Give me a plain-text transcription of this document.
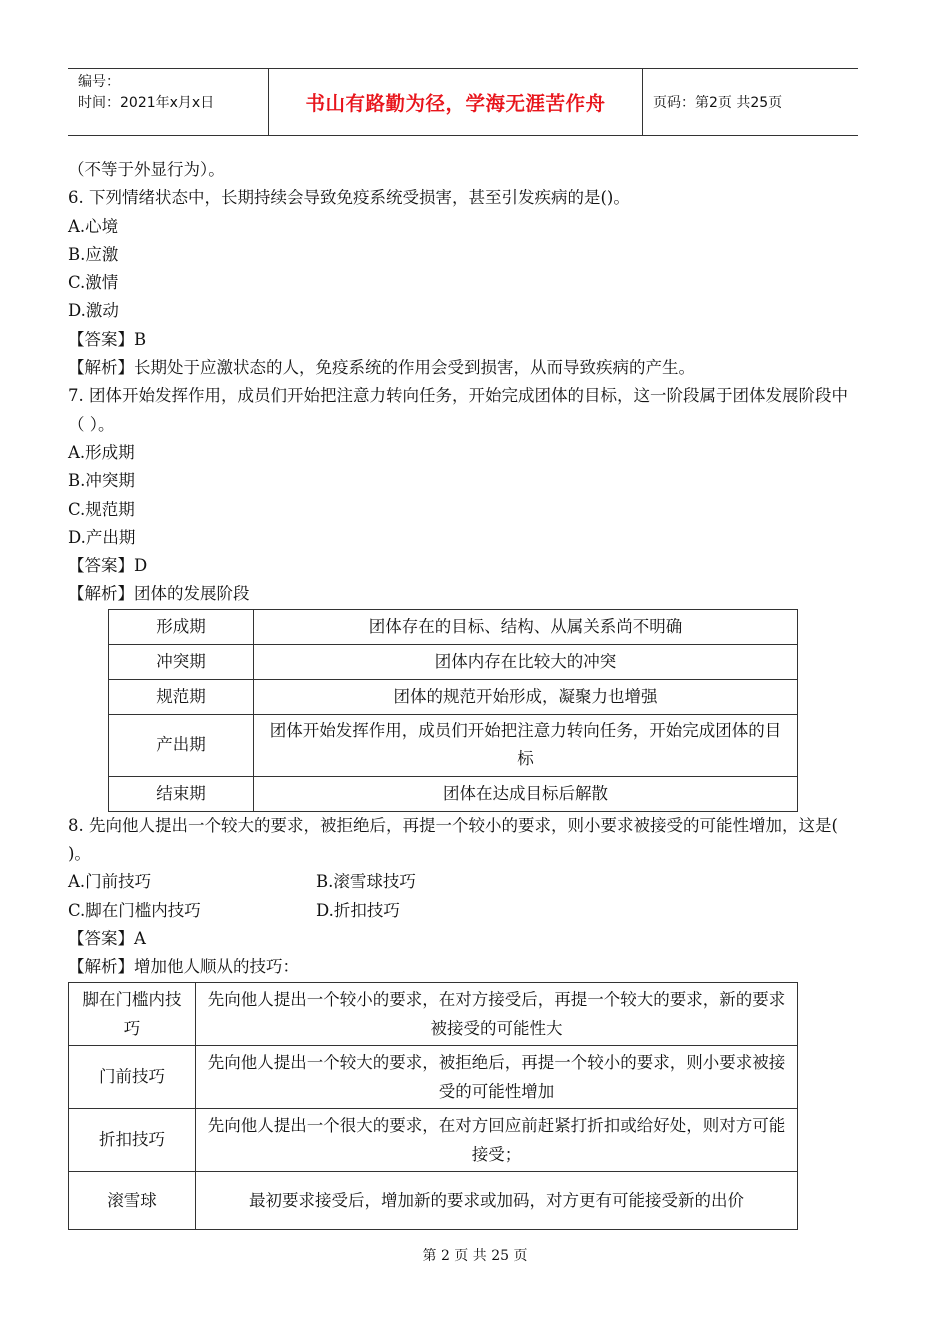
编号：
时间：2021年x月x日	书山有路勤为径，学海无涯苦作舟	页码：第2页 共25页
（不等于外显行为）。
6. 下列情绪状态中，长期持续会导致免疫系统受损害，甚至引发疾病的是()。
A.心境
B.应激
C.激情
D.激动
【答案】B
【解析】长期处于应激状态的人，免疫系统的作用会受到损害，从而导致疾病的产生。
7. 团体开始发挥作用，成员们开始把注意力转向任务，开始完成团体的目标，这一阶段属于团体发展阶段中（ ）。
A.形成期
B.冲突期
C.规范期
D.产出期
【答案】D
【解析】团体的发展阶段
形成期	团体存在的目标、结构、从属关系尚不明确
冲突期	团体内存在比较大的冲突
规范期	团体的规范开始形成，凝聚力也增强
产出期	团体开始发挥作用，成员们开始把注意力转向任务，开始完成团体的目标
结束期	团体在达成目标后解散
8. 先向他人提出一个较大的要求，被拒绝后，再提一个较小的要求，则小要求被接受的可能性增加，这是( )。
A.门前技巧	B.滚雪球技巧
C.脚在门槛内技巧	D.折扣技巧
【答案】A
【解析】增加他人顺从的技巧：
脚在门槛内技巧	先向他人提出一个较小的要求，在对方接受后，再提一个较大的要求，新的要求被接受的可能性大
门前技巧	先向他人提出一个较大的要求，被拒绝后，再提一个较小的要求，则小要求被接受的可能性增加
折扣技巧	先向他人提出一个很大的要求，在对方回应前赶紧打折扣或给好处，则对方可能接受；
滚雪球	最初要求接受后，增加新的要求或加码，对方更有可能接受新的出价
第 2 页 共 25 页
